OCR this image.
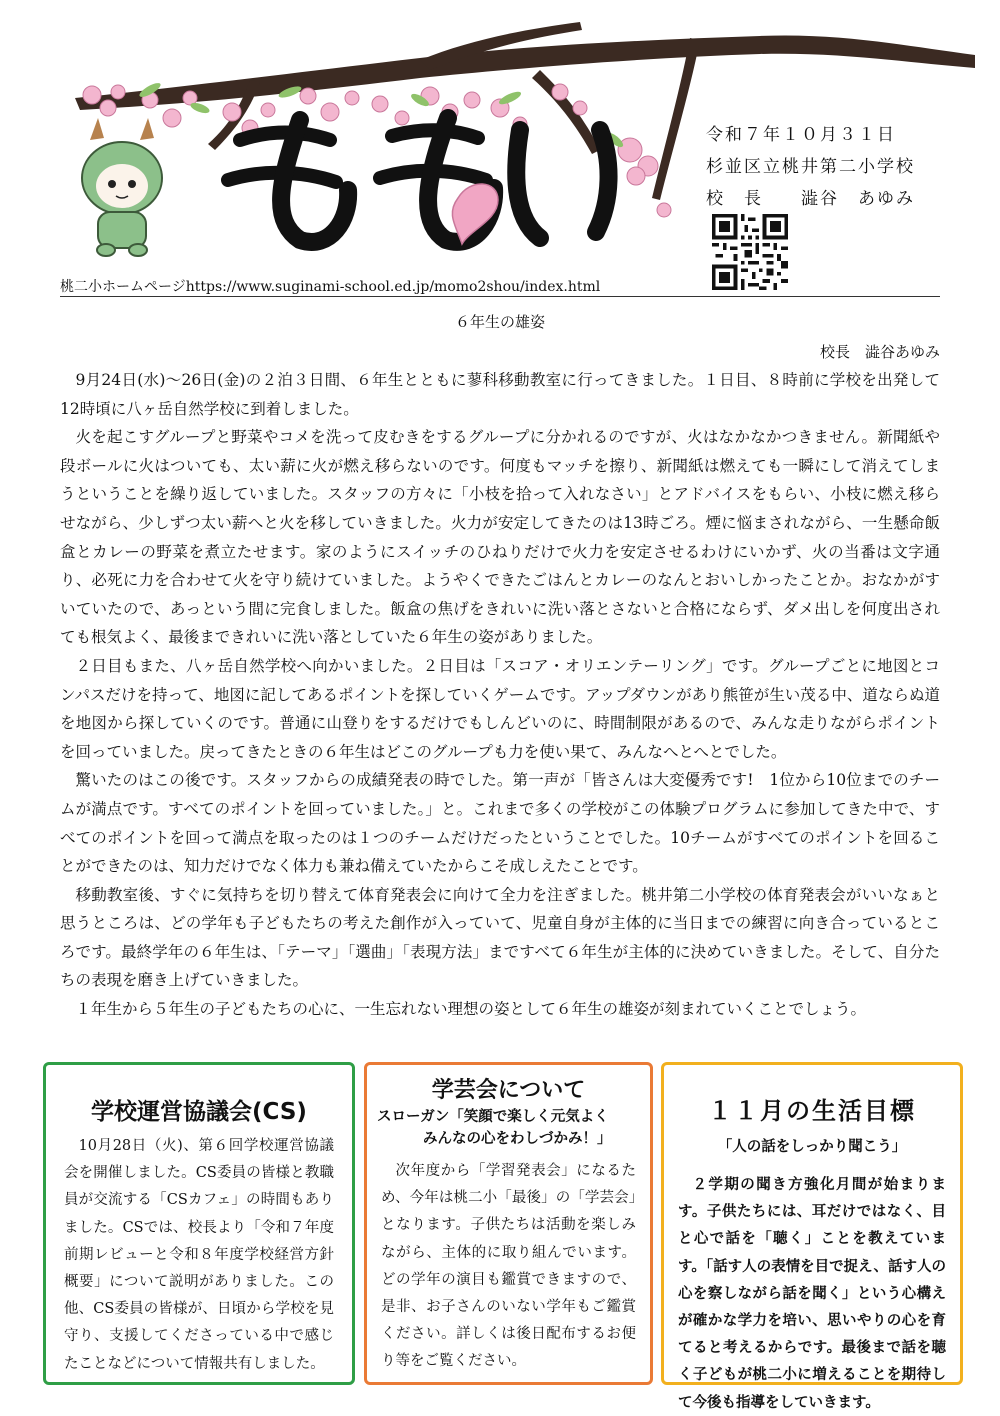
令和７年１０月３１日
杉並区立桃井第二小学校
校　長　　澁谷　あゆみ
桃二小ホームページhttps://www.suginami-school.ed.jp/momo2shou/index.html
６年生の雄姿
校長　澁谷あゆみ

9月24日(水)～26日(金)の２泊３日間、６年生とともに蓼科移動教室に行ってきました。１日目、８時前に学校を出発して12時頃に八ヶ岳自然学校に到着しました。

火を起こすグループと野菜やコメを洗って皮むきをするグループに分かれるのですが、火はなかなかつきません。新聞紙や段ボールに火はついても、太い薪に火が燃え移らないのです。何度もマッチを擦り、新聞紙は燃えても一瞬にして消えてしまうということを繰り返していました。スタッフの方々に「小枝を拾って入れなさい」とアドバイスをもらい、小枝に燃え移らせながら、少しずつ太い薪へと火を移していきました。火力が安定してきたのは13時ごろ。煙に悩まされながら、一生懸命飯盒とカレーの野菜を煮立たせます。家のようにスイッチのひねりだけで火力を安定させるわけにいかず、火の当番は文字通り、必死に力を合わせて火を守り続けていました。ようやくできたごはんとカレーのなんとおいしかったことか。おなかがすいていたので、あっという間に完食しました。飯盒の焦げをきれいに洗い落とさないと合格にならず、ダメ出しを何度出されても根気よく、最後まできれいに洗い落としていた６年生の姿がありました。

２日目もまた、八ヶ岳自然学校へ向かいました。２日目は「スコア・オリエンテーリング」です。グループごとに地図とコンパスだけを持って、地図に記してあるポイントを探していくゲームです。アップダウンがあり熊笹が生い茂る中、道ならぬ道を地図から探していくのです。普通に山登りをするだけでもしんどいのに、時間制限があるので、みんな走りながらポイントを回っていました。戻ってきたときの６年生はどこのグループも力を使い果て、みんなへとへとでした。

驚いたのはこの後です。スタッフからの成績発表の時でした。第一声が「皆さんは大変優秀です!　1位から10位までのチームが満点です。すべてのポイントを回っていました。」と。これまで多くの学校がこの体験プログラムに参加してきた中で、すべてのポイントを回って満点を取ったのは１つのチームだけだったということでした。10チームがすべてのポイントを回ることができたのは、知力だけでなく体力も兼ね備えていたからこそ成しえたことです。

移動教室後、すぐに気持ちを切り替えて体育発表会に向けて全力を注ぎました。桃井第二小学校の体育発表会がいいなぁと思うところは、どの学年も子どもたちの考えた創作が入っていて、児童自身が主体的に当日までの練習に向き合っているところです。最終学年の６年生は、「テーマ」「選曲」「表現方法」まですべて６年生が主体的に決めていきました。そして、自分たちの表現を磨き上げていきました。

１年生から５年生の子どもたちの心に、一生忘れない理想の姿として６年生の雄姿が刻まれていくことでしょう。

学校運営協議会(CS)

10月28日（火)、第６回学校運営協議会を開催しました。CS委員の皆様と教職員が交流する「CSカフェ」の時間もありました。CSでは、校長より「令和７年度前期レビューと令和８年度学校経営方針概要」について説明がありました。この他、CS委員の皆様が、日頃から学校を見守り、支援してくださっている中で感じたことなどについて情報共有しました。

学芸会について
スローガン「笑顔で楽しく元気よく
みんなの心をわしづかみ！」

次年度から「学習発表会」になるため、今年は桃二小「最後」の「学芸会」となります。子供たちは活動を楽しみながら、主体的に取り組んでいます。どの学年の演目も鑑賞できますので、是非、お子さんのいない学年もご鑑賞ください。詳しくは後日配布するお便り等をご覧ください。

１１月の生活目標
「人の話をしっかり聞こう」

２学期の聞き方強化月間が始まります。子供たちには、耳だけではなく、目と心で話を「聴く」ことを教えています。「話す人の表情を目で捉え、話す人の心を察しながら話を聞く」という心構えが確かな学力を培い、思いやりの心を育てると考えるからです。最後まで話を聴く子どもが桃二小に増えることを期待して今後も指導をしていきます。
